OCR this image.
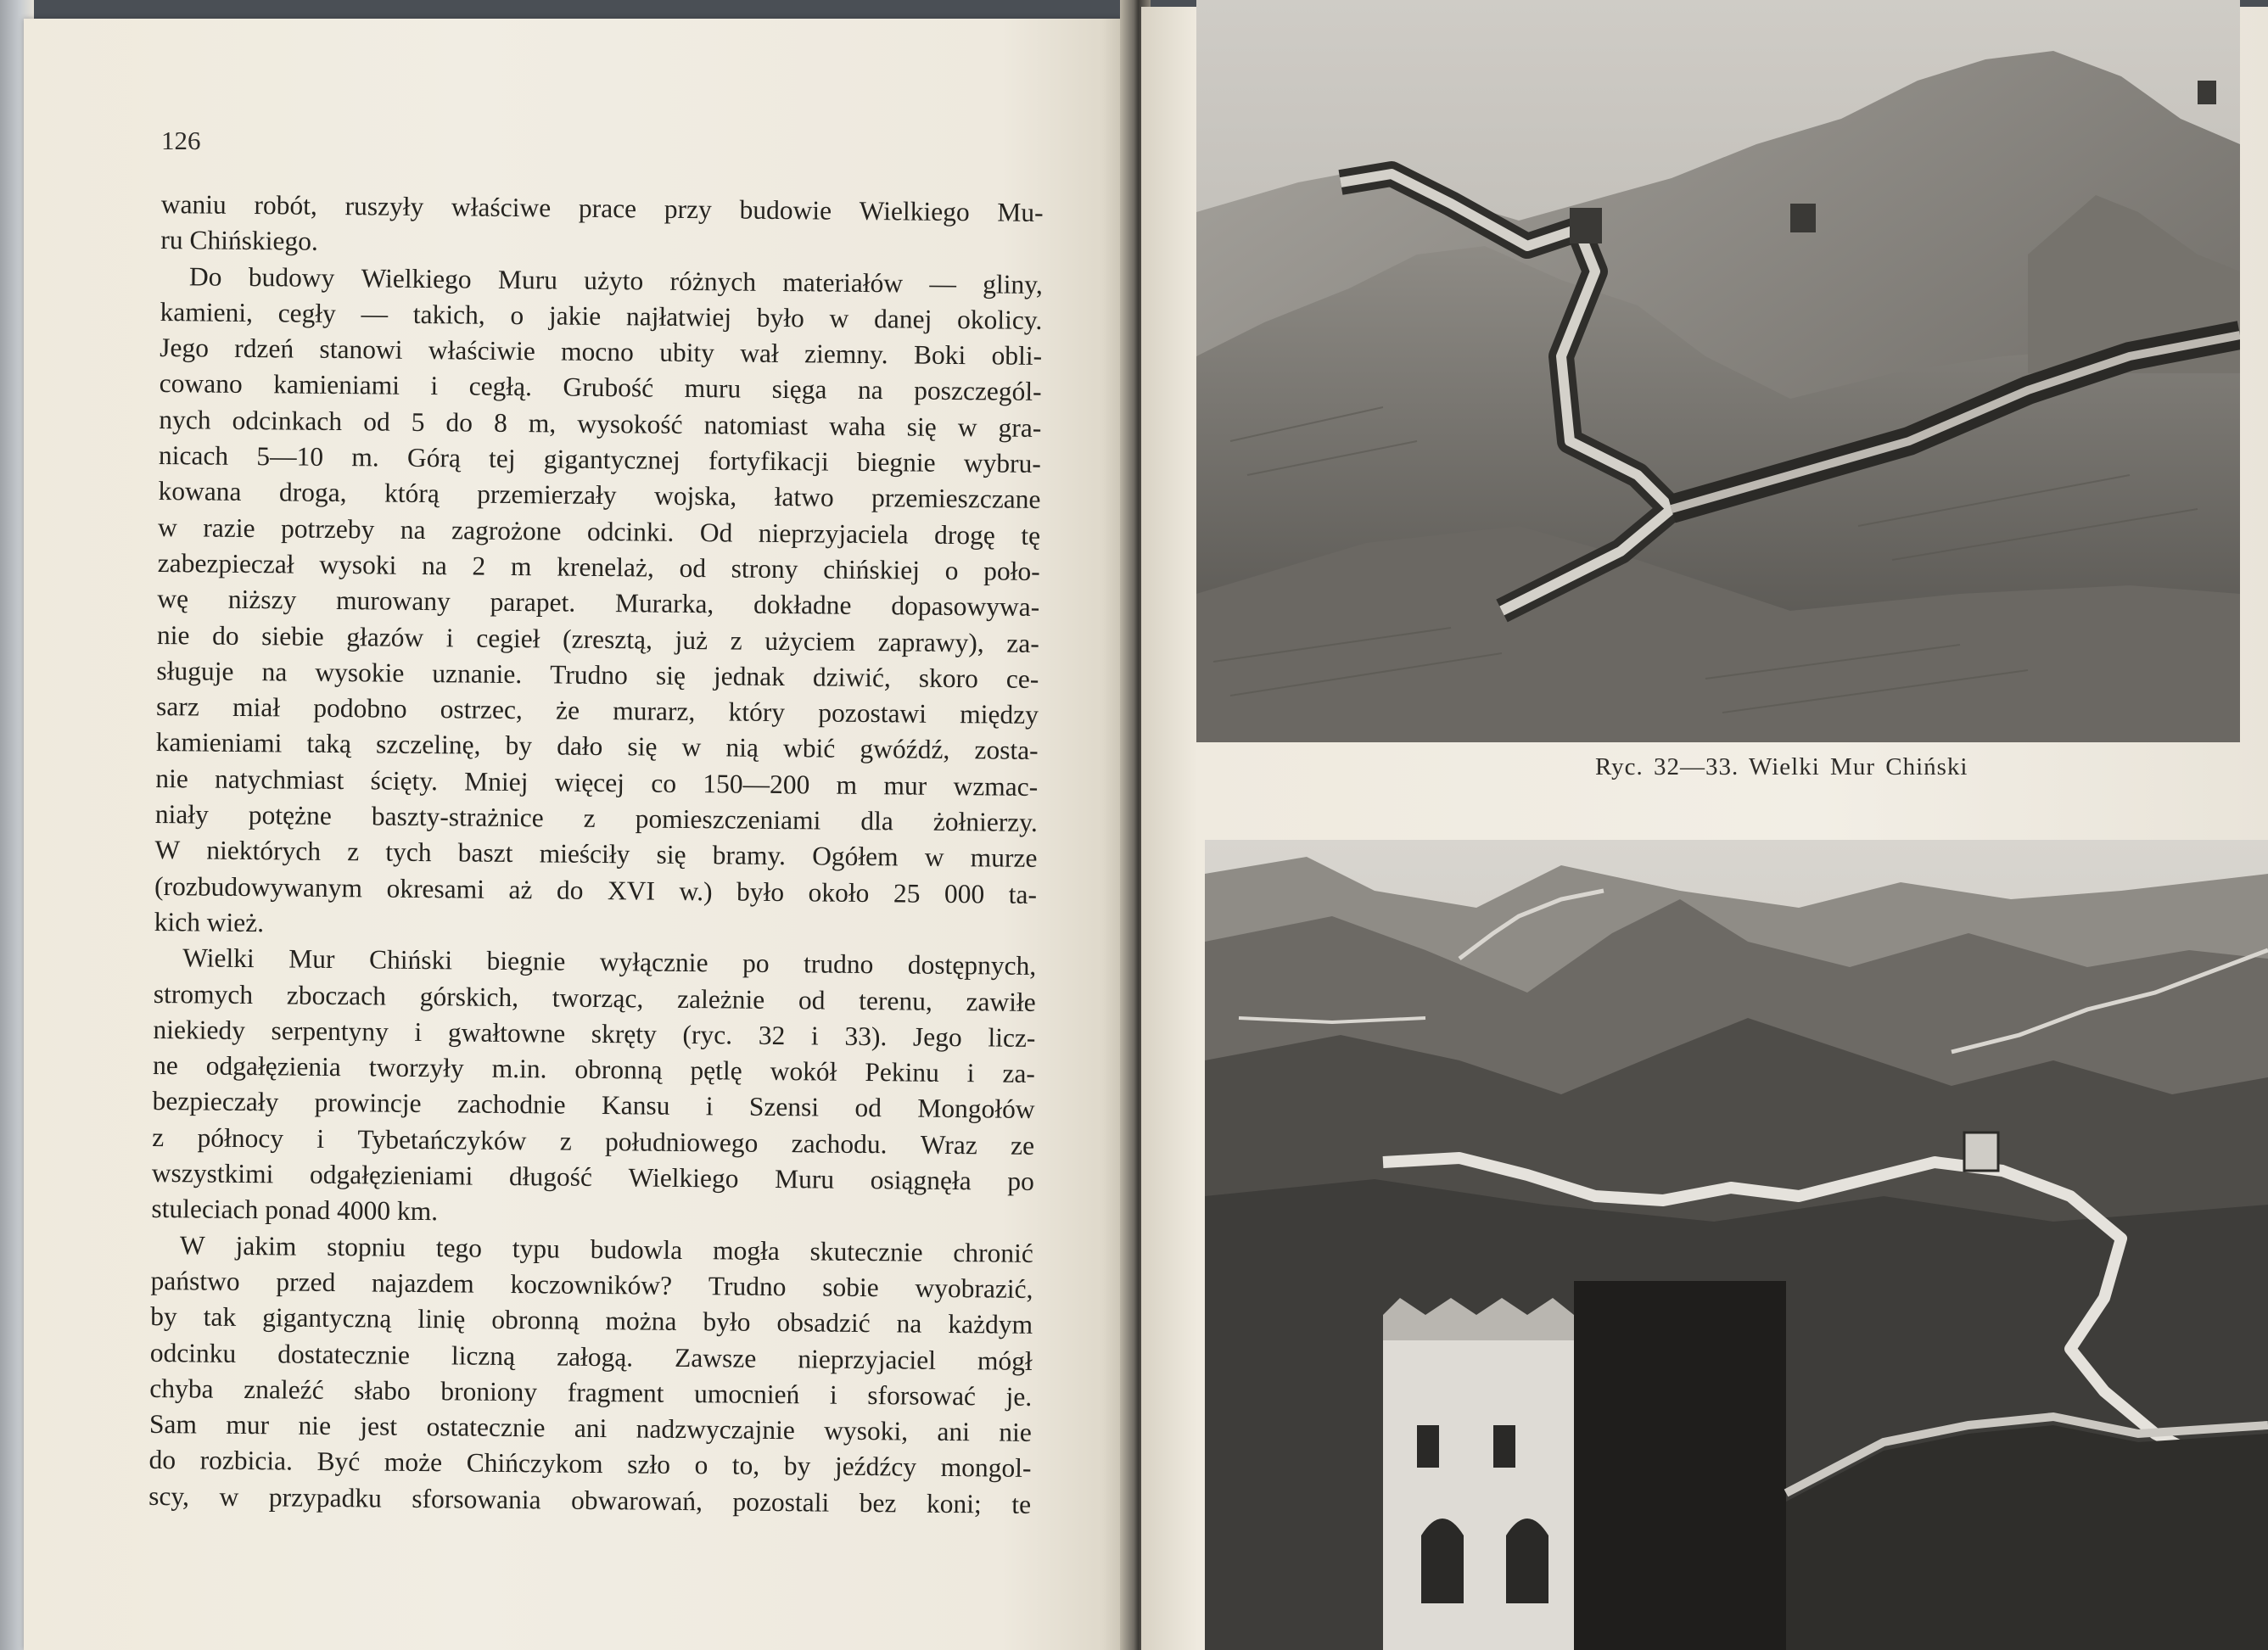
126
waniu robót, ruszyły właściwe prace przy budowie Wielkiego Mu-
ru Chińskiego.
Do budowy Wielkiego Muru użyto różnych materiałów — gliny,
kamieni, cegły — takich, o jakie najłatwiej było w danej okolicy.
Jego rdzeń stanowi właściwie mocno ubity wał ziemny. Boki obli-
cowano kamieniami i cegłą. Grubość muru sięga na poszczegól-
nych odcinkach od 5 do 8 m, wysokość natomiast waha się w gra-
nicach 5—10 m. Górą tej gigantycznej fortyfikacji biegnie wybru-
kowana droga, którą przemierzały wojska, łatwo przemieszczane
w razie potrzeby na zagrożone odcinki. Od nieprzyjaciela drogę tę
zabezpieczał wysoki na 2 m krenelaż, od strony chińskiej o poło-
wę niższy murowany parapet. Murarka, dokładne dopasowywa-
nie do siebie głazów i cegieł (zresztą, już z użyciem zaprawy), za-
sługuje na wysokie uznanie. Trudno się jednak dziwić, skoro ce-
sarz miał podobno ostrzec, że murarz, który pozostawi między
kamieniami taką szczelinę, by dało się w nią wbić gwóźdź, zosta-
nie natychmiast ścięty. Mniej więcej co 150—200 m mur wzmac-
niały potężne baszty-strażnice z pomieszczeniami dla żołnierzy.
W niektórych z tych baszt mieściły się bramy. Ogółem w murze
(rozbudowywanym okresami aż do XVI w.) było około 25 000 ta-
kich wież.
Wielki Mur Chiński biegnie wyłącznie po trudno dostępnych,
stromych zboczach górskich, tworząc, zależnie od terenu, zawiłe
niekiedy serpentyny i gwałtowne skręty (ryc. 32 i 33). Jego licz-
ne odgałęzienia tworzyły m.in. obronną pętlę wokół Pekinu i za-
bezpieczały prowincje zachodnie Kansu i Szensi od Mongołów
z północy i Tybetańczyków z południowego zachodu. Wraz ze
wszystkimi odgałęzieniami długość Wielkiego Muru osiągnęła po
stuleciach ponad 4000 km.
W jakim stopniu tego typu budowla mogła skutecznie chronić
państwo przed najazdem koczowników? Trudno sobie wyobrazić,
by tak gigantyczną linię obronną można było obsadzić na każdym
odcinku dostatecznie liczną załogą. Zawsze nieprzyjaciel mógł
chyba znaleźć słabo broniony fragment umocnień i sforsować je.
Sam mur nie jest ostatecznie ani nadzwyczajnie wysoki, ani nie
do rozbicia. Być może Chińczykom szło o to, by jeźdźcy mongol-
scy, w przypadku sforsowania obwarowań, pozostali bez koni; te
Ryc. 32—33. Wielki Mur Chiński
